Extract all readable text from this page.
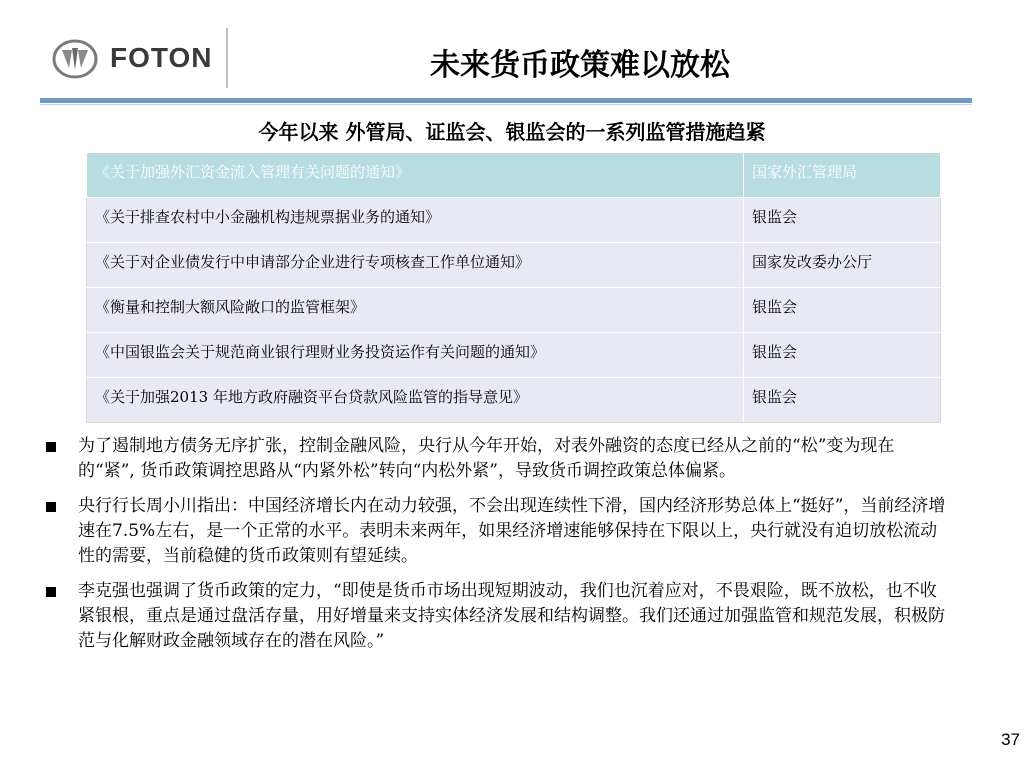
FOTON	未来货币政策难以放松
今年以来 外管局、证监会、银监会的一系列监管措施趋紧
《关于加强外汇资金流入管理有关问题的通知》	国家外汇管理局
《关于排查农村中小金融机构违规票据业务的通知》	银监会
《关于对企业债发行中申请部分企业进行专项核查工作单位通知》	国家发改委办公厅
《衡量和控制大额风险敞口的监管框架》	银监会
《中国银监会关于规范商业银行理财业务投资运作有关问题的通知》	银监会
《关于加强2013 年地方政府融资平台贷款风险监管的指导意见》	银监会
为了遏制地方债务无序扩张，控制金融风险，央行从今年开始，对表外融资的态度已经从之前的“松”变为现在的“紧”, 货币政策调控思路从“内紧外松”转向“内松外紧”，导致货币调控政策总体偏紧。
央行行长周小川指出：中国经济增长内在动力较强，不会出现连续性下滑，国内经济形势总体上“挺好”，当前经济增速在7.5%左右，是一个正常的水平。表明未来两年，如果经济增速能够保持在下限以上，央行就没有迫切放松流动性的需要，当前稳健的货币政策则有望延续。
李克强也强调了货币政策的定力，“即使是货币市场出现短期波动，我们也沉着应对，不畏艰险，既不放松，也不收紧银根，重点是通过盘活存量，用好增量来支持实体经济发展和结构调整。我们还通过加强监管和规范发展，积极防范与化解财政金融领域存在的潜在风险。”
37
